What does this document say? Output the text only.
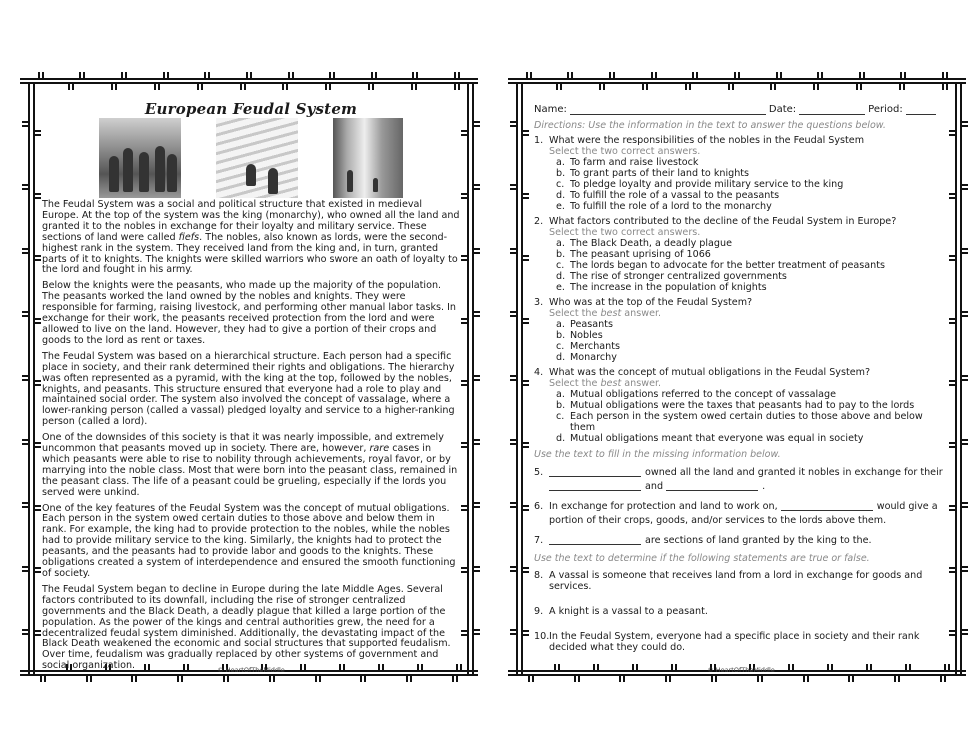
European Feudal System

The Feudal System was a social and political structure that existed in medieval Europe. At the top of the system was the king (monarchy), who owned all the land and granted it to the nobles in exchange for their loyalty and military service. These sections of land were called fiefs. The nobles, also known as lords, were the second-highest rank in the system. They received land from the king and, in turn, granted parts of it to knights. The knights were skilled warriors who swore an oath of loyalty to the lord and fought in his army.

Below the knights were the peasants, who made up the majority of the population. The peasants worked the land owned by the nobles and knights. They were responsible for farming, raising livestock, and performing other manual labor tasks. In exchange for their work, the peasants received protection from the lord and were allowed to live on the land. However, they had to give a portion of their crops and goods to the lord as rent or taxes.

The Feudal System was based on a hierarchical structure. Each person had a specific place in society, and their rank determined their rights and obligations. The hierarchy was often represented as a pyramid, with the king at the top, followed by the nobles, knights, and peasants. This structure ensured that everyone had a role to play and maintained social order. The system also involved the concept of vassalage, where a lower-ranking person (called a vassal) pledged loyalty and service to a higher-ranking person (called a lord).

One of the downsides of this society is that it was nearly impossible, and extremely uncommon that peasants moved up in society. There are, however, rare cases in which peasants were able to rise to nobility through achievements, royal favor, or by marrying into the noble class. Most that were born into the peasant class, remained in the peasant class. The life of a peasant could be grueling, especially if the lords you served were unkind.

One of the key features of the Feudal System was the concept of mutual obligations. Each person in the system owed certain duties to those above and below them in rank. For example, the king had to provide protection to the nobles, while the nobles had to provide military service to the king. Similarly, the knights had to protect the peasants, and the peasants had to provide labor and goods to the knights. These obligations created a system of interdependence and ensured the smooth functioning of society.

The Feudal System began to decline in Europe during the late Middle Ages. Several factors contributed to its downfall, including the rise of stronger centralized governments and the Black Death, a deadly plague that killed a large portion of the population. As the power of the kings and central authorities grew, the need for a decentralized feudal system diminished. Additionally, the devastating impact of the Black Death weakened the economic and social structures that supported feudalism. Over time, feudalism was gradually replaced by other systems of government and social organization.	© HeartOfTheMiddle
Name:	Date:	Period:
Directions: Use the information in the text to answer the questions below.
1. What were the responsibilities of the nobles in the Feudal System
Select the two correct answers.
a. To farm and raise livestock
b. To grant parts of their land to knights
c. To pledge loyalty and provide military service to the king
d. To fulfill the role of a vassal to the peasants
e. To fulfill the role of a lord to the monarchy
2. What factors contributed to the decline of the Feudal System in Europe?
Select the two correct answers.
a. The Black Death, a deadly plague
b. The peasant uprising of 1066
c. The lords began to advocate for the better treatment of peasants
d. The rise of stronger centralized governments
e. The increase in the population of knights
3. Who was at the top of the Feudal System?
Select the best answer.
a. Peasants
b. Nobles
c. Merchants
d. Monarchy
4. What was the concept of mutual obligations in the Feudal System?
Select the best answer.
a. Mutual obligations referred to the concept of vassalage
b. Mutual obligations were the taxes that peasants had to pay to the lords
c. Each person in the system owed certain duties to those above and below them
d. Mutual obligations meant that everyone was equal in society
Use the text to fill in the missing information below.
5.	owned all the land and granted it nobles in exchange for their
and
	.
6. In exchange for protection and land to work on,
	would give a
portion of their crops, goods, and/or services to the lords above them.
7.	are sections of land granted by the king to the.
Use the text to determine if the following statements are true or false.
8. A vassal is someone that receives land from a lord in exchange for goods and services.
9. A knight is a vassal to a peasant.
10. In the Feudal System, everyone had a specific place in society and their rank decided what they could do.
© HeartOfTheMiddle
